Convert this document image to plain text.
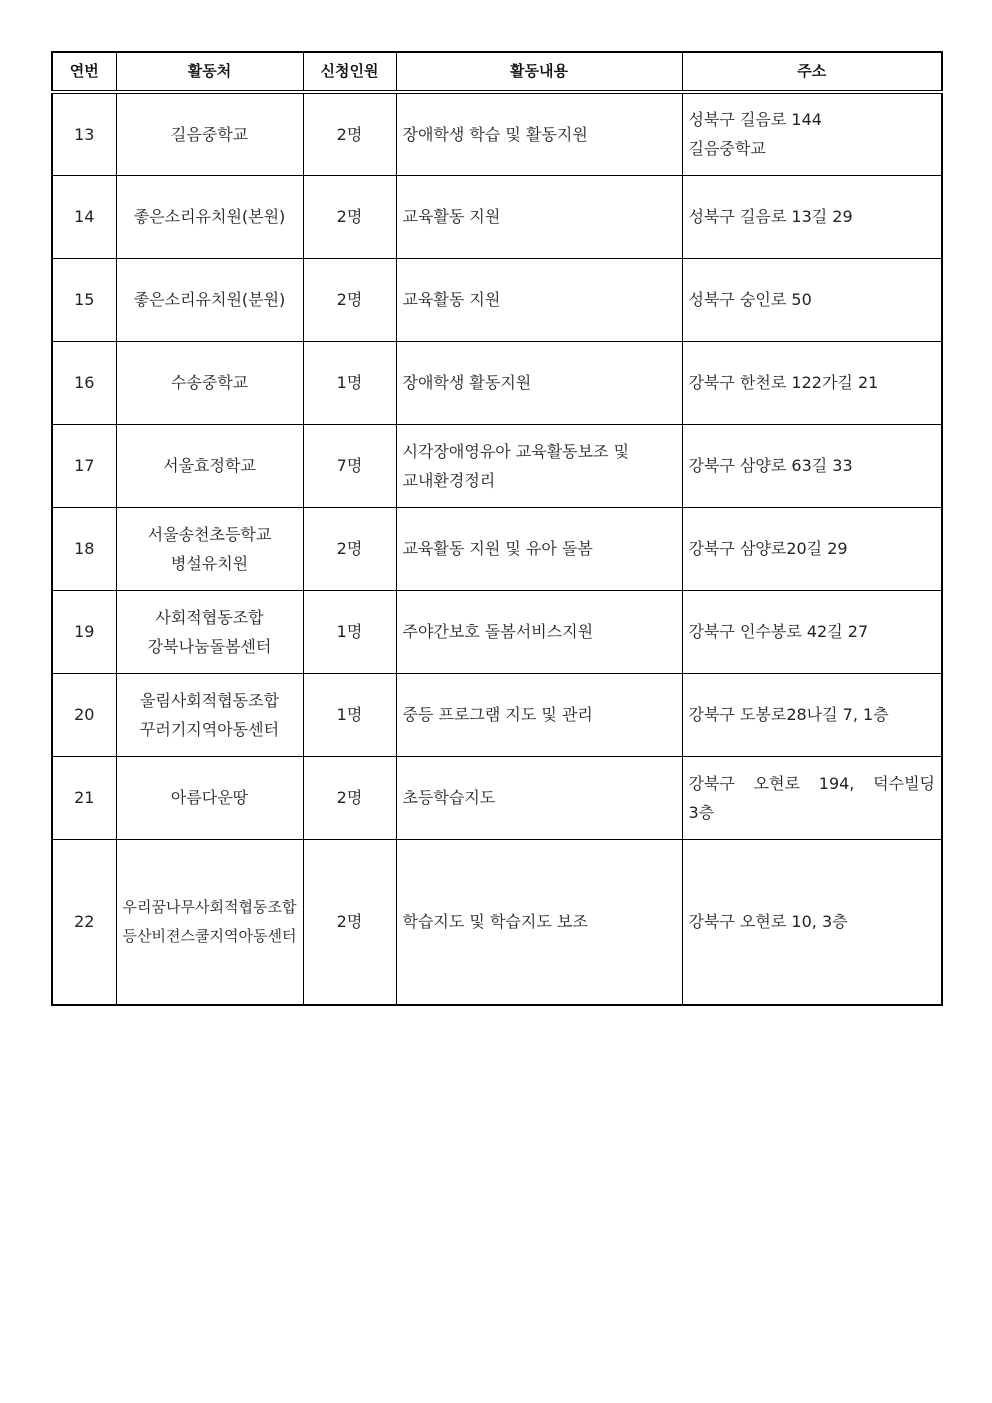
연번	활동처	신청인원	활동내용	주소
13	길음중학교	2명	장애학생 학습 및 활동지원	성북구 길음로 144
길음중학교

14	좋은소리유치원(본원)	2명	교육활동 지원	성북구 길음로 13길 29

15	좋은소리유치원(분원)	2명	교육활동 지원	성북구 숭인로 50

16	수송중학교	1명	장애학생 활동지원	강북구 한천로 122가길 21

17	서울효정학교	7명	시각장애영유아 교육활동보조 및
교내환경정리	강북구 삼양로 63길 33

18	서울송천초등학교
병설유치원	2명	교육활동 지원 및 유아 돌봄	강북구 삼양로20길 29

19	사회적협동조합
강북나눔돌봄센터	1명	주야간보호 돌봄서비스지원	강북구 인수봉로 42길 27

20	울림사회적협동조합
꾸러기지역아동센터	1명	중등 프로그램 지도 및 관리	강북구 도봉로28나길 7, 1층

21	아름다운땅	2명	초등학습지도	강북구 오현로 194, 덕수빌딩
3층

22	우리꿈나무사회적협동조합
등산비젼스쿨지역아동센터	2명	학습지도 및 학습지도 보조	강북구 오현로 10, 3층
